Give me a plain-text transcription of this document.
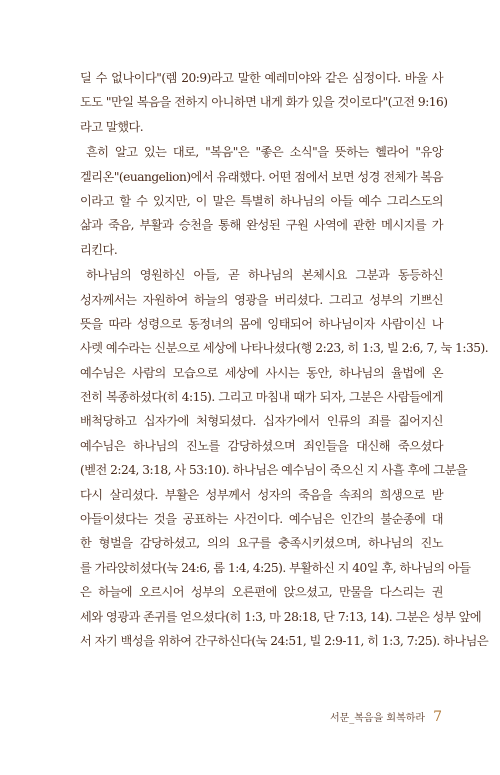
딜 수 없나이다"(렘 20:9)라고 말한 예레미야와 같은 심정이다. 바울 사
도도 "만일 복음을 전하지 아니하면 내게 화가 있을 것이로다"(고전 9:16)
라고 말했다.
흔히 알고 있는 대로, "복음"은 "좋은 소식"을 뜻하는 헬라어 "유앙
겔리온"(euangelion)에서 유래했다. 어떤 점에서 보면 성경 전체가 복음
이라고 할 수 있지만, 이 말은 특별히 하나님의 아들 예수 그리스도의
삶과 죽음, 부활과 승천을 통해 완성된 구원 사역에 관한 메시지를 가
리킨다.
하나님의 영원하신 아들, 곧 하나님의 본체시요 그분과 동등하신
성자께서는 자원하여 하늘의 영광을 버리셨다. 그리고 성부의 기쁘신
뜻을 따라 성령으로 동정녀의 몸에 잉태되어 하나님이자 사람이신 나
사렛 예수라는 신분으로 세상에 나타나셨다(행 2:23, 히 1:3, 빌 2:6, 7, 눅 1:35).
예수님은 사람의 모습으로 세상에 사시는 동안, 하나님의 율법에 온
전히 복종하셨다(히 4:15). 그리고 마침내 때가 되자, 그분은 사람들에게
배척당하고 십자가에 처형되셨다. 십자가에서 인류의 죄를 짊어지신
예수님은 하나님의 진노를 감당하셨으며 죄인들을 대신해 죽으셨다
(벧전 2:24, 3:18, 사 53:10). 하나님은 예수님이 죽으신 지 사흘 후에 그분을
다시 살리셨다. 부활은 성부께서 성자의 죽음을 속죄의 희생으로 받
아들이셨다는 것을 공표하는 사건이다. 예수님은 인간의 불순종에 대
한 형벌을 감당하셨고, 의의 요구를 충족시키셨으며, 하나님의 진노
를 가라앉히셨다(눅 24:6, 롬 1:4, 4:25). 부활하신 지 40일 후, 하나님의 아들
은 하늘에 오르시어 성부의 오른편에 앉으셨고, 만물을 다스리는 권
세와 영광과 존귀를 얻으셨다(히 1:3, 마 28:18, 단 7:13, 14). 그분은 성부 앞에
서 자기 백성을 위하여 간구하신다(눅 24:51, 빌 2:9-11, 히 1:3, 7:25). 하나님은
서문_복음을 회복하라 7
